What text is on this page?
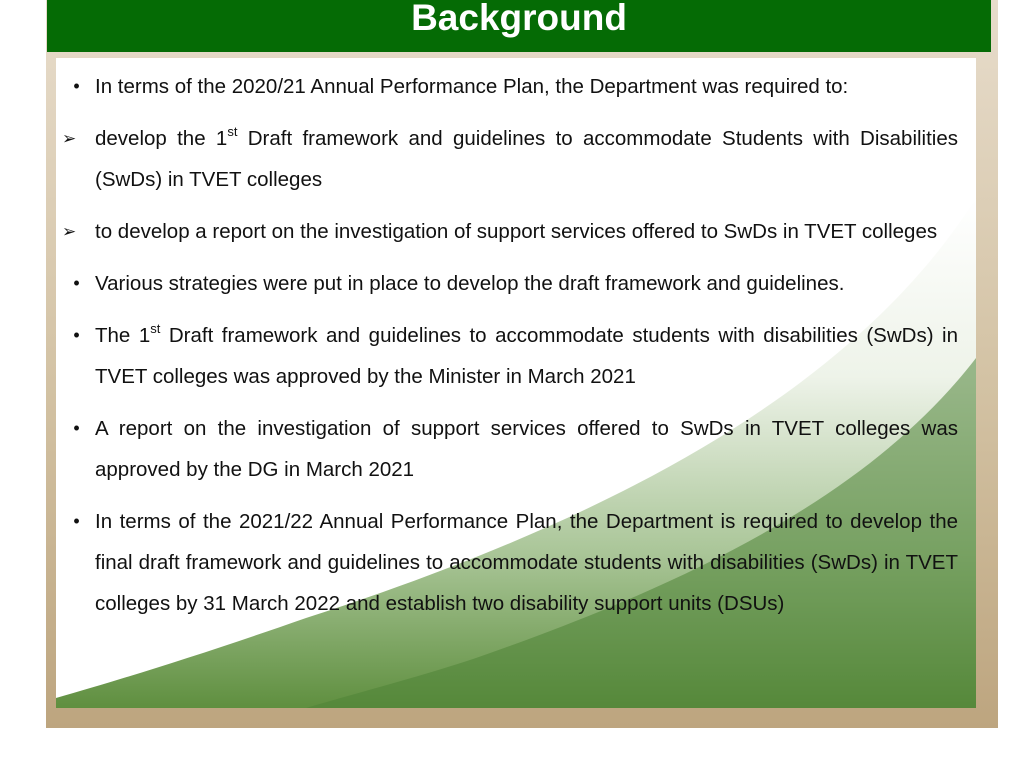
Background
• In terms of the 2020/21 Annual Performance Plan, the Department was required to:
➢ develop the 1st Draft framework and guidelines to accommodate Students with Disabilities (SwDs) in TVET colleges
➢ to develop a report on the investigation of support services offered to SwDs in TVET colleges
• Various strategies were put in place to develop the draft framework and guidelines.
• The 1st Draft framework and guidelines to accommodate students with disabilities (SwDs) in TVET colleges was approved by the Minister in March 2021
• A report on the investigation of support services offered to SwDs in TVET colleges was approved by the DG in March 2021
• In terms of the 2021/22 Annual Performance Plan, the Department is required to develop the final draft framework and guidelines to accommodate students with disabilities (SwDs) in TVET colleges by 31 March 2022 and establish two disability support units (DSUs)
